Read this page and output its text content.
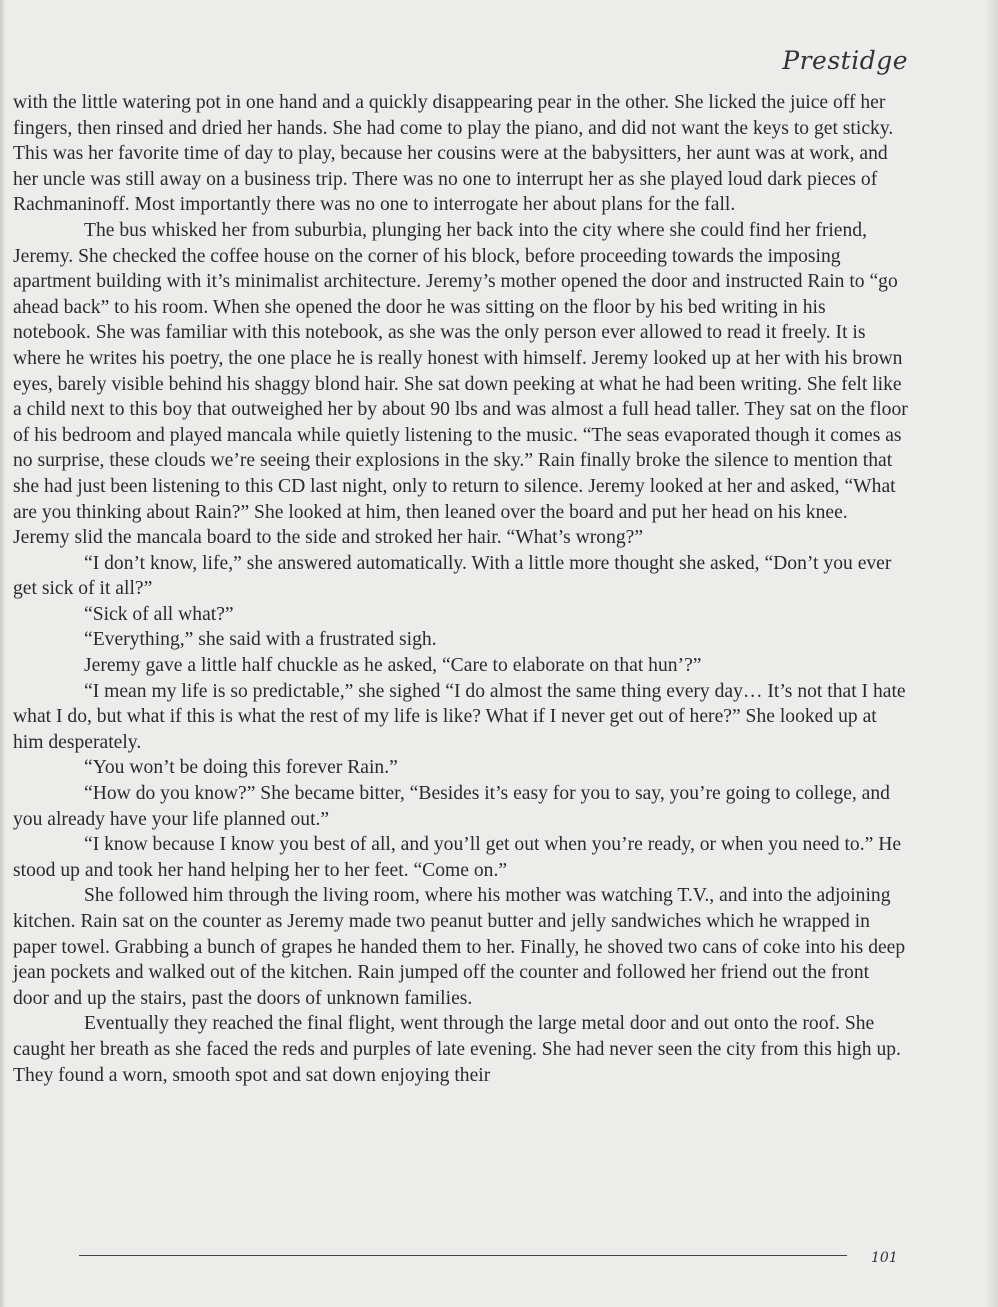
Prestidge

with the little watering pot in one hand and a quickly disappearing pear in the other. She licked the juice off her fingers, then rinsed and dried her hands. She had come to play the piano, and did not want the keys to get sticky. This was her favorite time of day to play, because her cousins were at the babysitters, her aunt was at work, and her uncle was still away on a business trip. There was no one to interrupt her as she played loud dark pieces of Rachmaninoff. Most importantly there was no one to interrogate her about plans for the fall.

The bus whisked her from suburbia, plunging her back into the city where she could find her friend, Jeremy. She checked the coffee house on the corner of his block, before proceeding towards the imposing apartment building with it’s minimalist architecture. Jeremy’s mother opened the door and instructed Rain to “go ahead back” to his room. When she opened the door he was sitting on the floor by his bed writing in his notebook. She was familiar with this notebook, as she was the only person ever allowed to read it freely. It is where he writes his poetry, the one place he is really honest with himself. Jeremy looked up at her with his brown eyes, barely visible behind his shaggy blond hair. She sat down peeking at what he had been writing. She felt like a child next to this boy that outweighed her by about 90 lbs and was almost a full head taller. They sat on the floor of his bedroom and played mancala while quietly listening to the music. “The seas evaporated though it comes as no surprise, these clouds we’re seeing their explosions in the sky.” Rain finally broke the silence to mention that she had just been listening to this CD last night, only to return to silence. Jeremy looked at her and asked, “What are you thinking about Rain?” She looked at him, then leaned over the board and put her head on his knee. Jeremy slid the mancala board to the side and stroked her hair. “What’s wrong?”

“I don’t know, life,” she answered automatically. With a little more thought she asked, “Don’t you ever get sick of it all?”

“Sick of all what?”

“Everything,” she said with a frustrated sigh.

Jeremy gave a little half chuckle as he asked, “Care to elaborate on that hun’?”

“I mean my life is so predictable,” she sighed “I do almost the same thing every day… It’s not that I hate what I do, but what if this is what the rest of my life is like? What if I never get out of here?” She looked up at him desperately.

“You won’t be doing this forever Rain.”

“How do you know?” She became bitter, “Besides it’s easy for you to say, you’re going to college, and you already have your life planned out.”

“I know because I know you best of all, and you’ll get out when you’re ready, or when you need to.” He stood up and took her hand helping her to her feet. “Come on.”

She followed him through the living room, where his mother was watching T.V., and into the adjoining kitchen. Rain sat on the counter as Jeremy made two peanut butter and jelly sandwiches which he wrapped in paper towel. Grabbing a bunch of grapes he handed them to her. Finally, he shoved two cans of coke into his deep jean pockets and walked out of the kitchen. Rain jumped off the counter and followed her friend out the front door and up the stairs, past the doors of unknown families.

Eventually they reached the final flight, went through the large metal door and out onto the roof. She caught her breath as she faced the reds and purples of late evening. She had never seen the city from this high up. They found a worn, smooth spot and sat down enjoying their

101
